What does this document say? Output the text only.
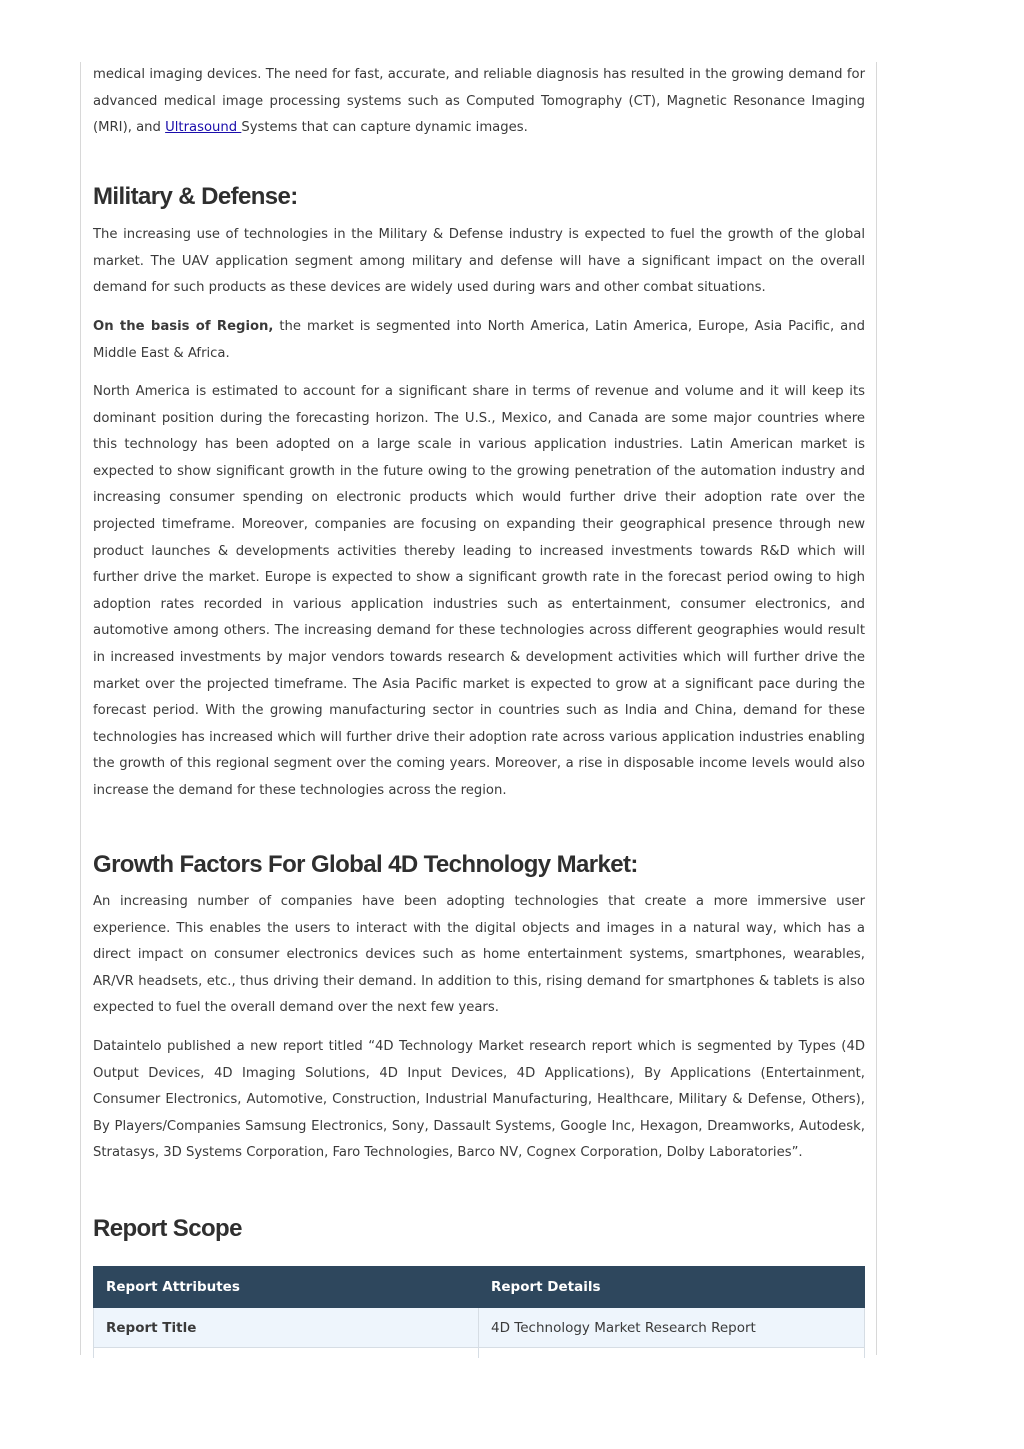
medical imaging devices. The need for fast, accurate, and reliable diagnosis has resulted in the growing demand for advanced medical image processing systems such as Computed Tomography (CT), Magnetic Resonance Imaging (MRI), and Ultrasound Systems that can capture dynamic images.

Military & Defense:

The increasing use of technologies in the Military & Defense industry is expected to fuel the growth of the global market. The UAV application segment among military and defense will have a signiﬁcant impact on the overall demand for such products as these devices are widely used during wars and other combat situations.

On the basis of Region, the market is segmented into North America, Latin America, Europe, Asia Paciﬁc, and Middle East & Africa.

North America is estimated to account for a signiﬁcant share in terms of revenue and volume and it will keep its dominant position during the forecasting horizon. The U.S., Mexico, and Canada are some major countries where this technology has been adopted on a large scale in various application industries. Latin American market is expected to show signiﬁcant growth in the future owing to the growing penetration of the automation industry and increasing consumer spending on electronic products which would further drive their adoption rate over the projected timeframe. Moreover, companies are focusing on expanding their geographical presence through new product launches & developments activities thereby leading to increased investments towards R&D which will further drive the market. Europe is expected to show a signiﬁcant growth rate in the forecast period owing to high adoption rates recorded in various application industries such as entertainment, consumer electronics, and automotive among others. The increasing demand for these technologies across diﬀerent geographies would result in increased investments by major vendors towards research & development activities which will further drive the market over the projected timeframe. The Asia Paciﬁc market is expected to grow at a signiﬁcant pace during the forecast period. With the growing manufacturing sector in countries such as India and China, demand for these technologies has increased which will further drive their adoption rate across various application industries enabling the growth of this regional segment over the coming years. Moreover, a rise in disposable income levels would also increase the demand for these technologies across the region.

Growth Factors For Global 4D Technology Market:

An increasing number of companies have been adopting technologies that create a more immersive user experience. This enables the users to interact with the digital objects and images in a natural way, which has a direct impact on consumer electronics devices such as home entertainment systems, smartphones, wearables, AR/VR headsets, etc., thus driving their demand. In addition to this, rising demand for smartphones & tablets is also expected to fuel the overall demand over the next few years.

Dataintelo published a new report titled “4D Technology Market research report which is segmented by Types (4D Output Devices, 4D Imaging Solutions, 4D Input Devices, 4D Applications), By Applications (Entertainment, Consumer Electronics, Automotive, Construction, Industrial Manufacturing, Healthcare, Military & Defense, Others), By Players/Companies Samsung Electronics, Sony, Dassault Systems, Google Inc, Hexagon, Dreamworks, Autodesk, Stratasys, 3D Systems Corporation, Faro Technologies, Barco NV, Cognex Corporation, Dolby Laboratories”.

Report Scope
Report Attributes	Report Details
Report Title	4D Technology Market Research Report
